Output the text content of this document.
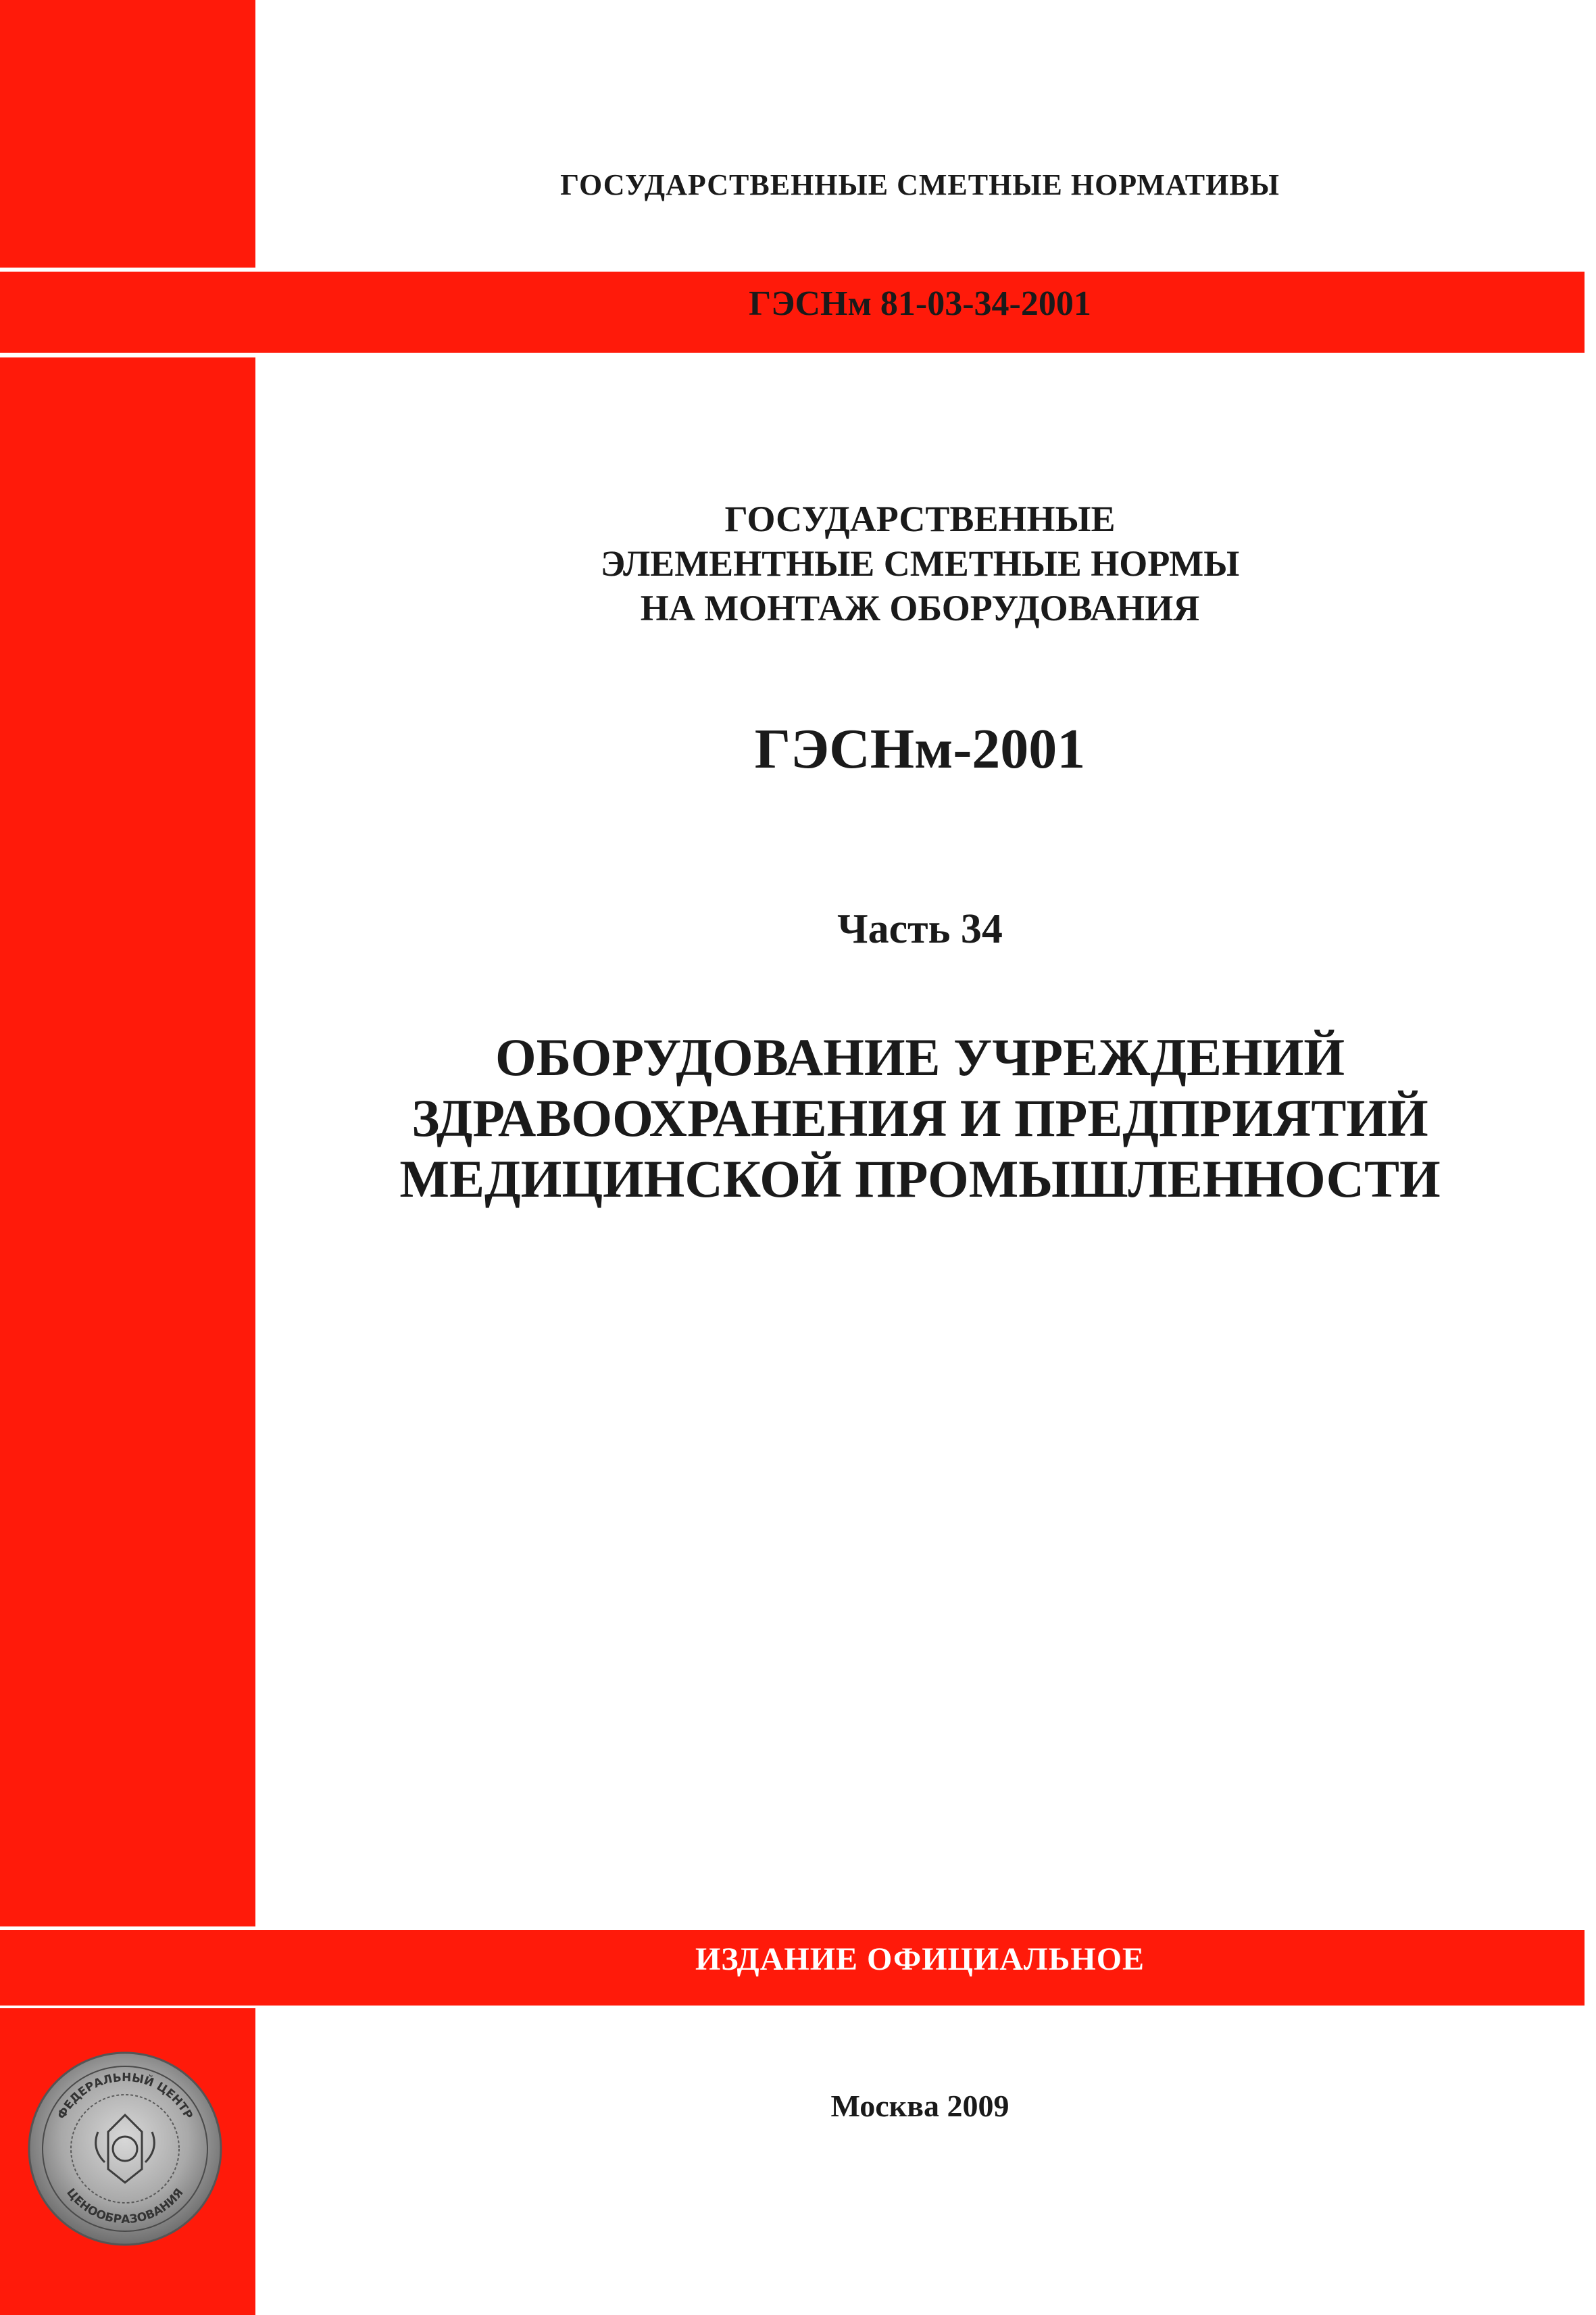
ГОСУДАРСТВЕННЫЕ СМЕТНЫЕ НОРМАТИВЫ
ГЭСНм 81-03-34-2001
ГОСУДАРСТВЕННЫЕ
ЭЛЕМЕНТНЫЕ СМЕТНЫЕ НОРМЫ
НА МОНТАЖ ОБОРУДОВАНИЯ
ГЭСНм-2001
Часть 34
ОБОРУДОВАНИЕ УЧРЕЖДЕНИЙ
ЗДРАВООХРАНЕНИЯ И ПРЕДПРИЯТИЙ
МЕДИЦИНСКОЙ ПРОМЫШЛЕННОСТИ
ИЗДАНИЕ ОФИЦИАЛЬНОЕ
Москва 2009
ФЕДЕРАЛЬНЫЙ ЦЕНТР
ЦЕНООБРАЗОВАНИЯ
